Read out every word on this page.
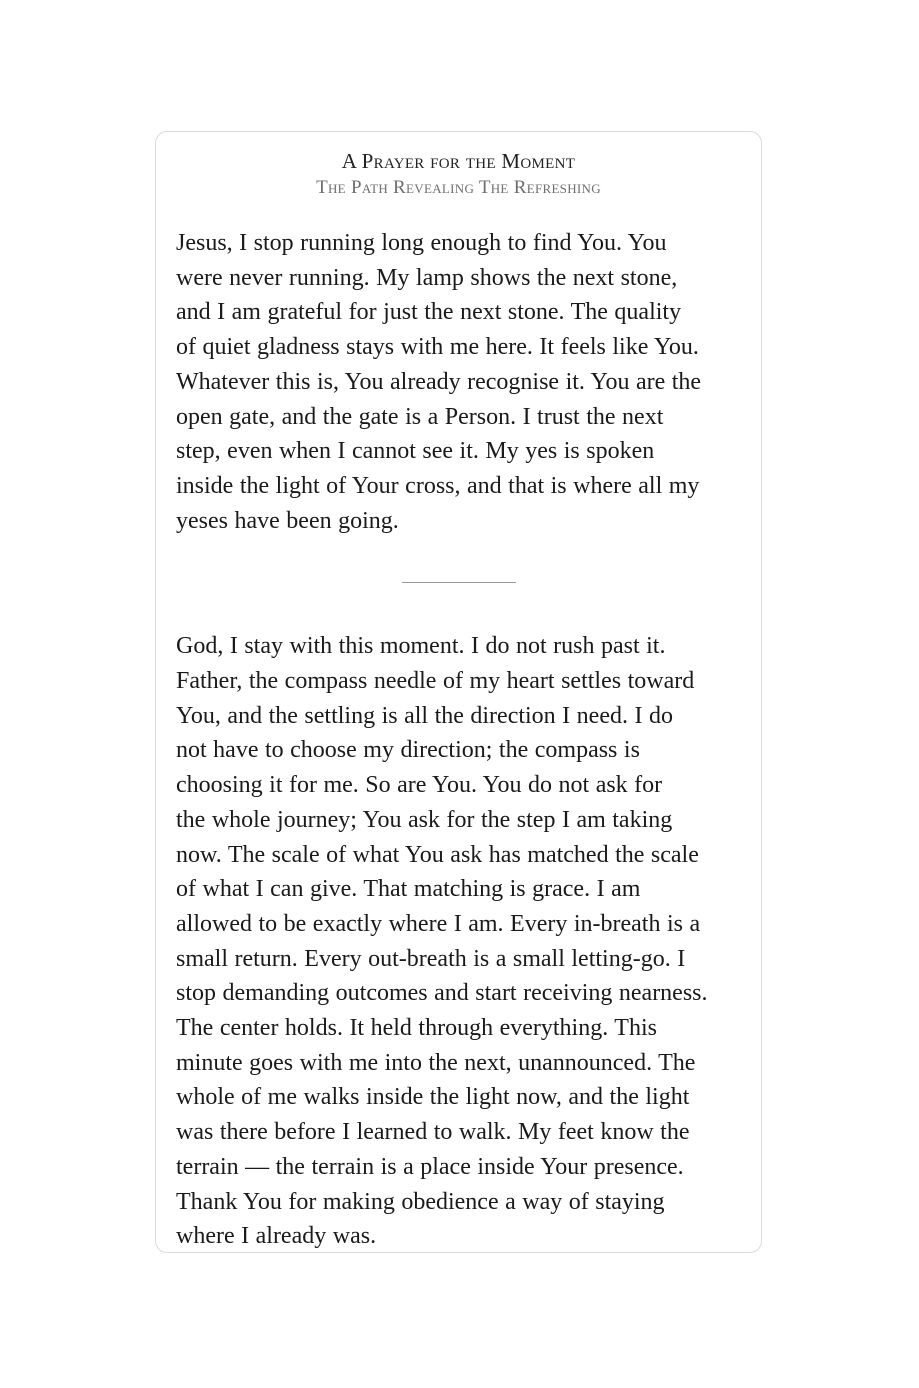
A Prayer for the Moment

The Path Revealing The Refreshing

Jesus, I stop running long enough to find You. You
were never running. My lamp shows the next stone,
and I am grateful for just the next stone. The quality
of quiet gladness stays with me here. It feels like You.
Whatever this is, You already recognise it. You are the
open gate, and the gate is a Person. I trust the next
step, even when I cannot see it. My yes is spoken
inside the light of Your cross, and that is where all my
yeses have been going.

God, I stay with this moment. I do not rush past it.
Father, the compass needle of my heart settles toward
You, and the settling is all the direction I need. I do
not have to choose my direction; the compass is
choosing it for me. So are You. You do not ask for
the whole journey; You ask for the step I am taking
now. The scale of what You ask has matched the scale
of what I can give. That matching is grace. I am
allowed to be exactly where I am. Every in-breath is a
small return. Every out-breath is a small letting-go. I
stop demanding outcomes and start receiving nearness.
The center holds. It held through everything. This
minute goes with me into the next, unannounced. The
whole of me walks inside the light now, and the light
was there before I learned to walk. My feet know the
terrain — the terrain is a place inside Your presence.
Thank You for making obedience a way of staying
where I already was.
